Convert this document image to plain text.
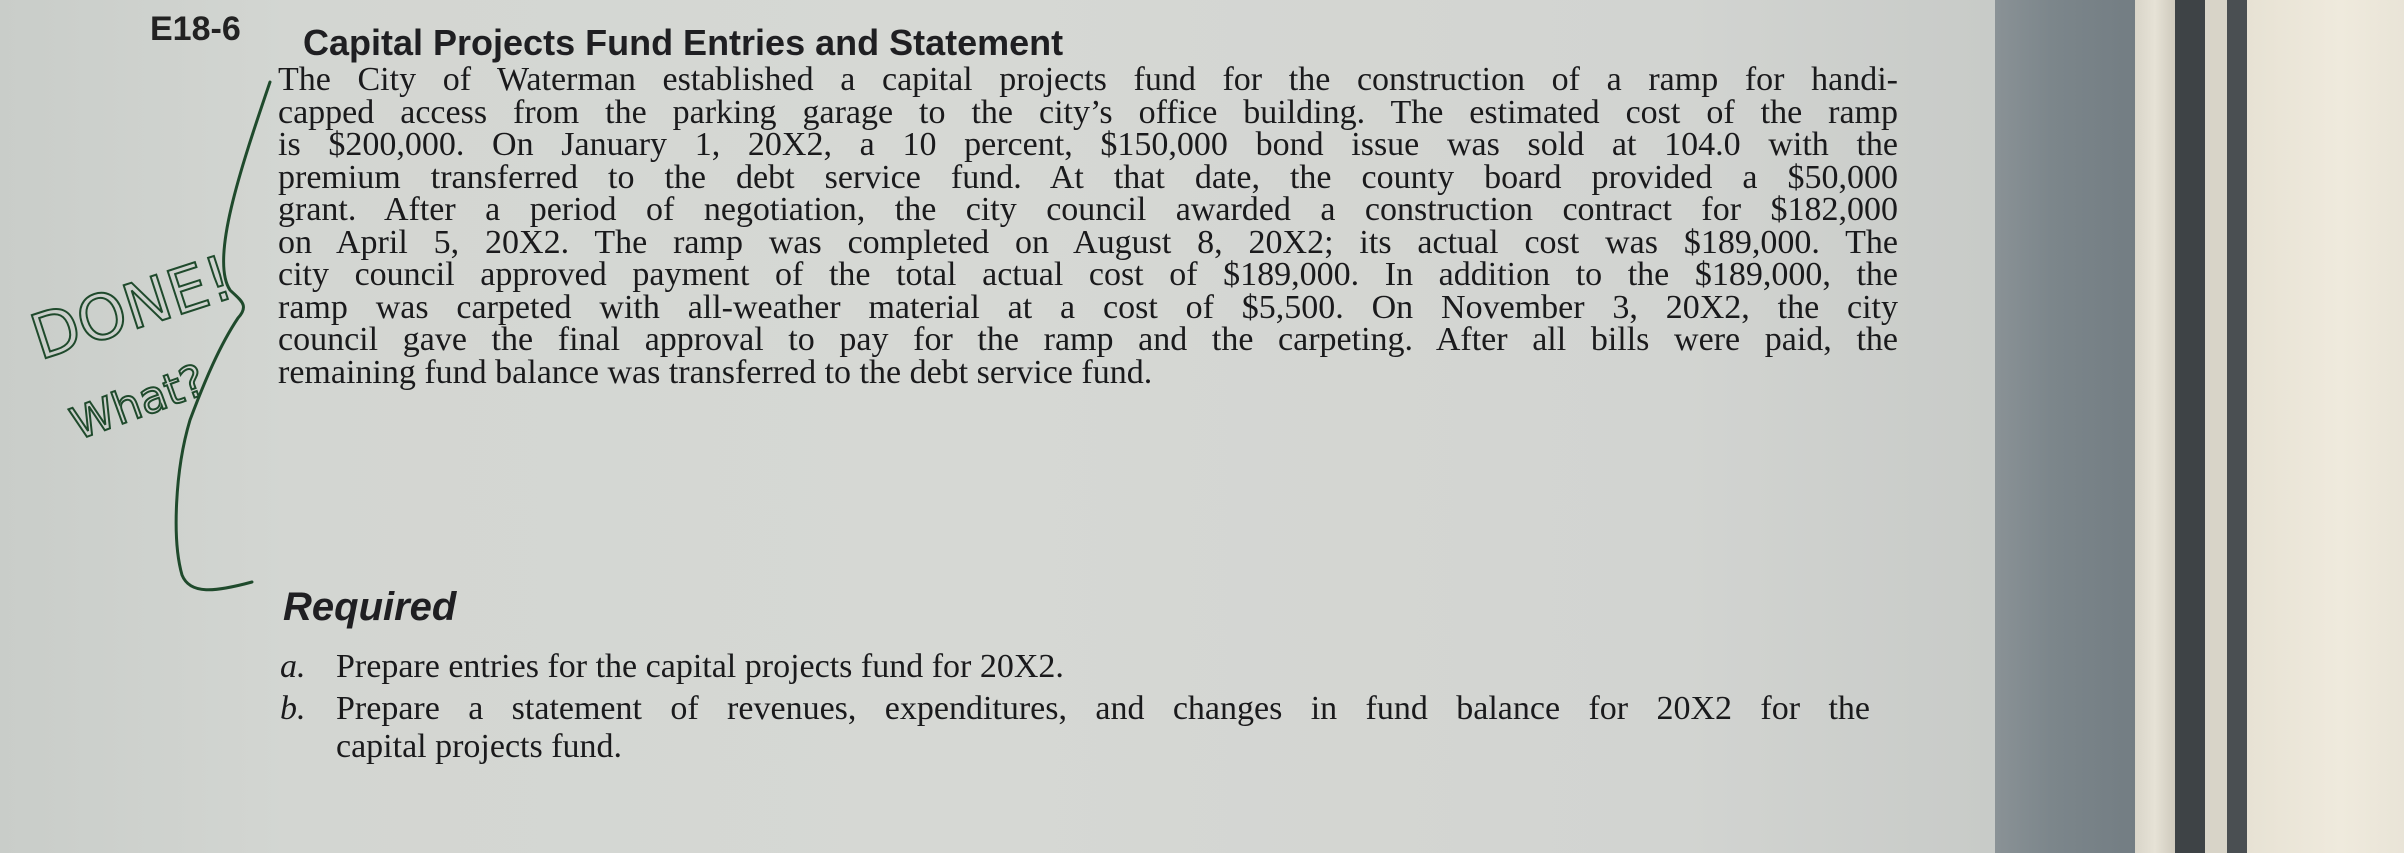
E18-6 Capital Projects Fund Entries and Statement
The City of Waterman established a capital projects fund for the construction of a ramp for handi-
capped access from the parking garage to the city’s office building. The estimated cost of the ramp
is $200,000. On January 1, 20X2, a 10 percent, $150,000 bond issue was sold at 104.0 with the
premium transferred to the debt service fund. At that date, the county board provided a $50,000
grant. After a period of negotiation, the city council awarded a construction contract for $182,000
on April 5, 20X2. The ramp was completed on August 8, 20X2; its actual cost was $189,000. The
city council approved payment of the total actual cost of $189,000. In addition to the $189,000, the
ramp was carpeted with all-weather material at a cost of $5,500. On November 3, 20X2, the city
council gave the final approval to pay for the ramp and the carpeting. After all bills were paid, the
remaining fund balance was transferred to the debt service fund.
Required
a. Prepare entries for the capital projects fund for 20X2.
b. Prepare a statement of revenues, expenditures, and changes in fund balance for 20X2 for the
capital projects fund.
DONE!
What?
